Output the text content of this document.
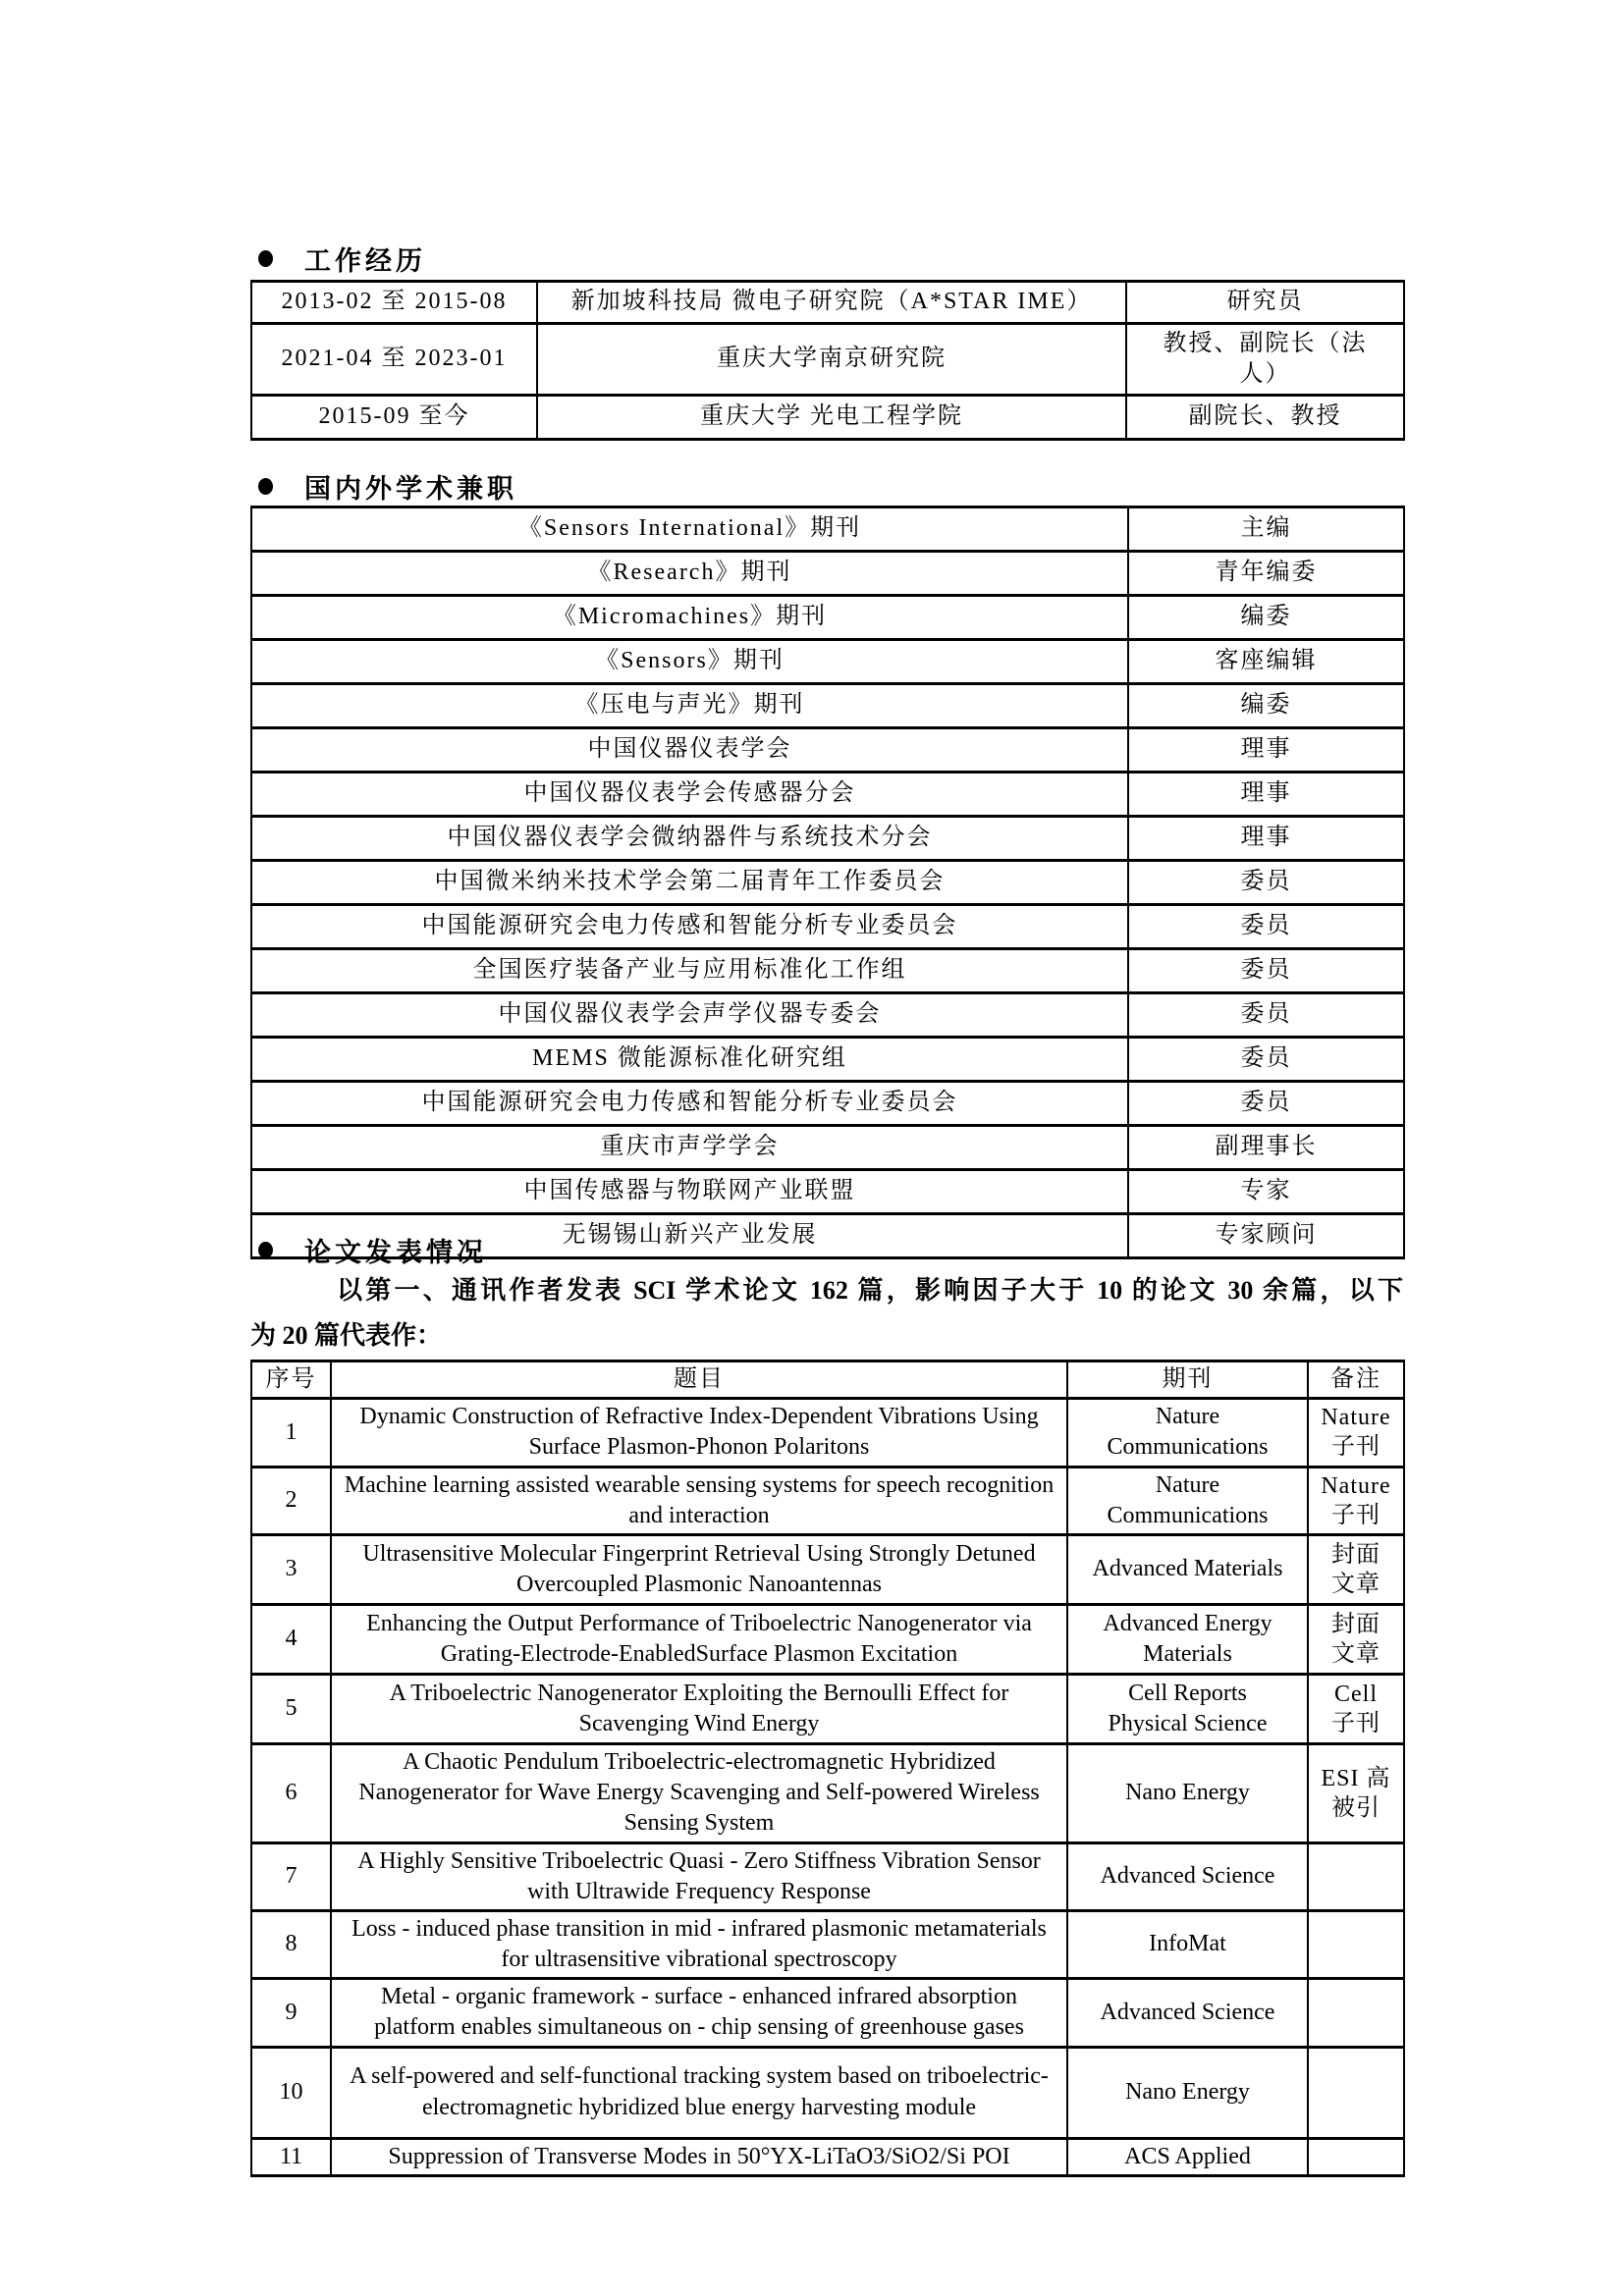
工作经历
2013-02 至 2015-08	新加坡科技局 微电子研究院（A*STAR IME）	研究员
2021-04 至 2023-01	重庆大学南京研究院	教授、副院长（法人）
2015-09 至今	重庆大学 光电工程学院	副院长、教授
国内外学术兼职
《Sensors International》期刊	主编
《Research》期刊	青年编委
《Micromachines》期刊	编委
《Sensors》期刊	客座编辑
《压电与声光》期刊	编委
中国仪器仪表学会	理事
中国仪器仪表学会传感器分会	理事
中国仪器仪表学会微纳器件与系统技术分会	理事
中国微米纳米技术学会第二届青年工作委员会	委员
中国能源研究会电力传感和智能分析专业委员会	委员
全国医疗装备产业与应用标准化工作组	委员
中国仪器仪表学会声学仪器专委会	委员
MEMS 微能源标准化研究组	委员
中国能源研究会电力传感和智能分析专业委员会	委员
重庆市声学学会	副理事长
中国传感器与物联网产业联盟	专家
无锡锡山新兴产业发展	专家顾问
论文发表情况
以第一、通讯作者发表 SCI 学术论文 162 篇，影响因子大于 10 的论文 30 余篇，以下
为 20 篇代表作：
序号	题目	期刊	备注
1	Dynamic Construction of Refractive Index-Dependent Vibrations Using Surface Plasmon-Phonon Polaritons	Nature Communications	Nature 子刊
2	Machine learning assisted wearable sensing systems for speech recognition and interaction	Nature Communications	Nature 子刊
3	Ultrasensitive Molecular Fingerprint Retrieval Using Strongly Detuned Overcoupled Plasmonic Nanoantennas	Advanced Materials	封面文章
4	Enhancing the Output Performance of Triboelectric Nanogenerator via Grating-Electrode-EnabledSurface Plasmon Excitation	Advanced Energy Materials	封面文章
5	A Triboelectric Nanogenerator Exploiting the Bernoulli Effect for Scavenging Wind Energy	Cell Reports Physical Science	Cell 子刊
6	A Chaotic Pendulum Triboelectric-electromagnetic Hybridized Nanogenerator for Wave Energy Scavenging and Self-powered Wireless Sensing System	Nano Energy	ESI 高被引
7	A Highly Sensitive Triboelectric Quasi - Zero Stiffness Vibration Sensor with Ultrawide Frequency Response	Advanced Science	
8	Loss - induced phase transition in mid - infrared plasmonic metamaterials for ultrasensitive vibrational spectroscopy	InfoMat	
9	Metal - organic framework - surface - enhanced infrared absorption platform enables simultaneous on - chip sensing of greenhouse gases	Advanced Science	
10	A self-powered and self-functional tracking system based on triboelectric-electromagnetic hybridized blue energy harvesting module	Nano Energy	
11	Suppression of Transverse Modes in 50°YX-LiTaO3/SiO2/Si POI	ACS Applied	
